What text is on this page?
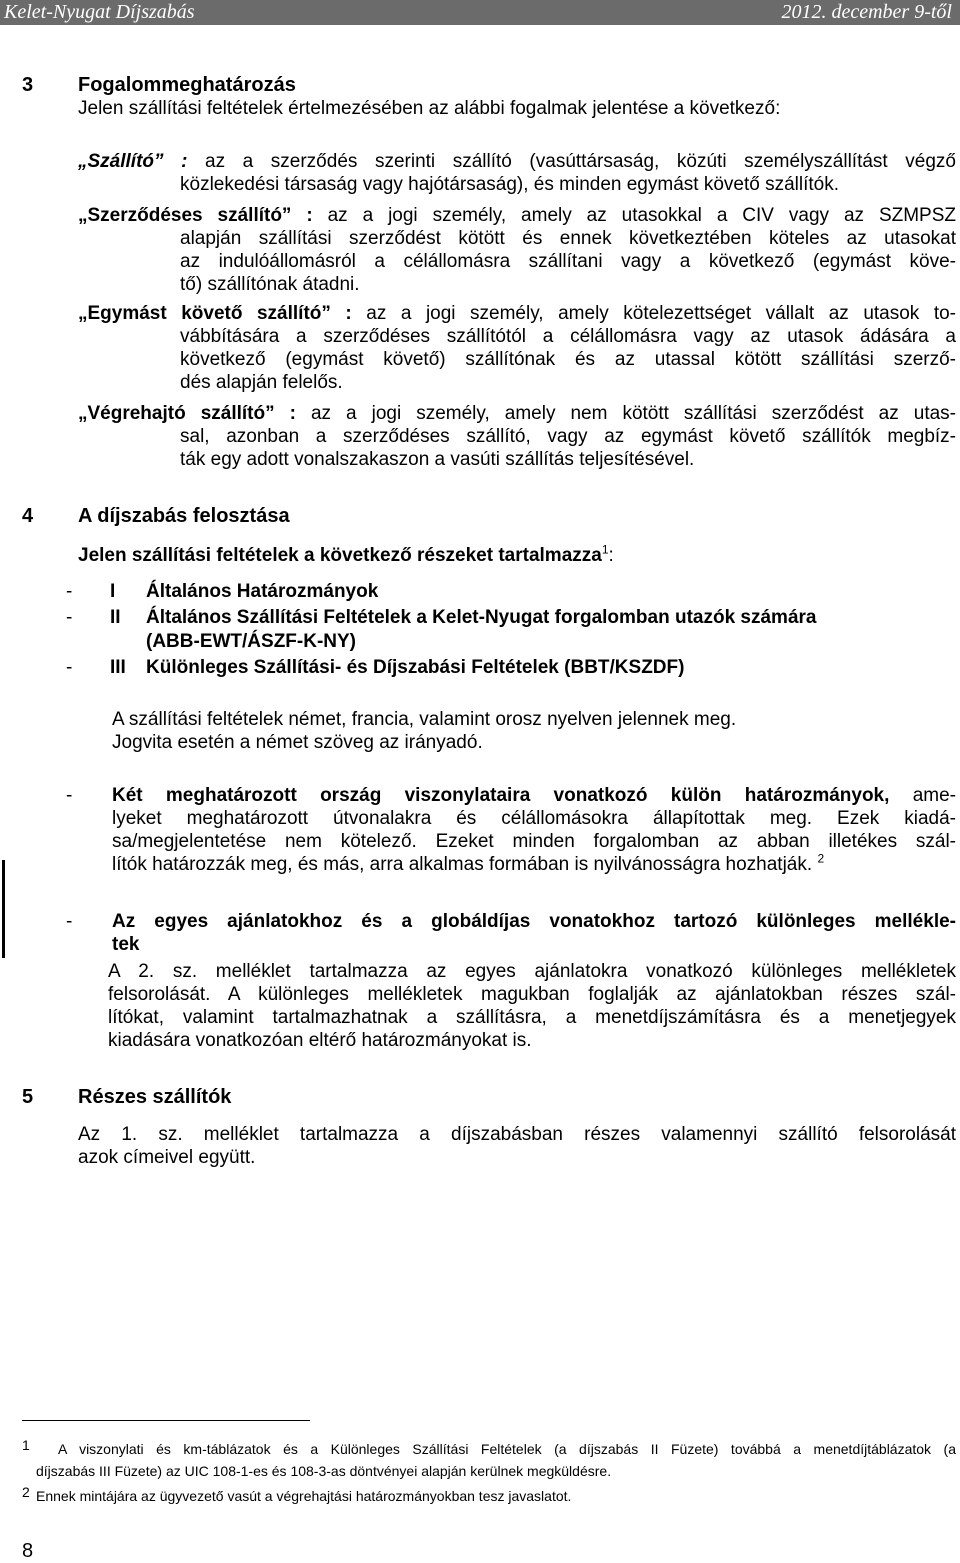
Kelet-Nyugat Díjszabás	2012. december 9-től
3 Fogalommeghatározás
Jelen szállítási feltételek értelmezésében az alábbi fogalmak jelentése a következő:
„Szállító” : az a szerződés szerinti szállító (vasúttársaság, közúti személyszállítást végző
közlekedési társaság vagy hajótársaság), és minden egymást követő szállítók.
„Szerződéses szállító” : az a jogi személy, amely az utasokkal a CIV vagy az SZMPSZ
alapján szállítási szerződést kötött és ennek következtében köteles az utasokat
az indulóállomásról a célállomásra szállítani vagy a következő (egymást köve-
tő) szállítónak átadni.
„Egymást követő szállító” : az a jogi személy, amely kötelezettséget vállalt az utasok to-
vábbítására a szerződéses szállítótól a célállomásra vagy az utasok ádására a
következő (egymást követő) szállítónak és az utassal kötött szállítási szerző-
dés alapján felelős.
„Végrehajtó szállító” : az a jogi személy, amely nem kötött szállítási szerződést az utas-
sal, azonban a szerződéses szállító, vagy az egymást követő szállítók megbíz-
ták egy adott vonalszakaszon a vasúti szállítás teljesítésével.
4 A díjszabás felosztása
Jelen szállítási feltételek a következő részeket tartalmazza$^1$:
- I Általános Határozmányok
- II Általános Szállítási Feltételek a Kelet-Nyugat forgalomban utazók számára
(ABB-EWT/ÁSZF-K-NY)
- III Különleges Szállítási- és Díjszabási Feltételek (BBT/KSZDF)
A szállítási feltételek német, francia, valamint orosz nyelven jelennek meg.
Jogvita esetén a német szöveg az irányadó.
- Két meghatározott ország viszonylataira vonatkozó külön határozmányok, ame-
lyeket meghatározott útvonalakra és célállomásokra állapítottak meg. Ezek kiadá-
sa/megjelentetése nem kötelező. Ezeket minden forgalomban az abban illetékes szál-
lítók határozzák meg, és más, arra alkalmas formában is nyilvánosságra hozhatják. $^2$
- Az egyes ajánlatokhoz és a globáldíjas vonatokhoz tartozó különleges mellékle-
tek
A 2. sz. melléklet tartalmazza az egyes ajánlatokra vonatkozó különleges mellékletek
felsorolását. A különleges mellékletek magukban foglalják az ajánlatokban részes szál-
lítókat, valamint tartalmazhatnak a szállításra, a menetdíjszámításra és a menetjegyek
kiadására vonatkozóan eltérő határozmányokat is.
5 Részes szállítók
Az 1. sz. melléklet tartalmazza a díjszabásban részes valamennyi szállító felsorolását
azok címeivel együtt.
1 A viszonylati és km-táblázatok és a Különleges Szállítási Feltételek (a díjszabás II Füzete) továbbá a menetdíjtáblázatok (a
díjszabás III Füzete) az UIC 108-1-es és 108-3-as döntvényei alapján kerülnek megküldésre.
2 Ennek mintájára az ügyvezető vasút a végrehajtási határozmányokban tesz javaslatot.
8
